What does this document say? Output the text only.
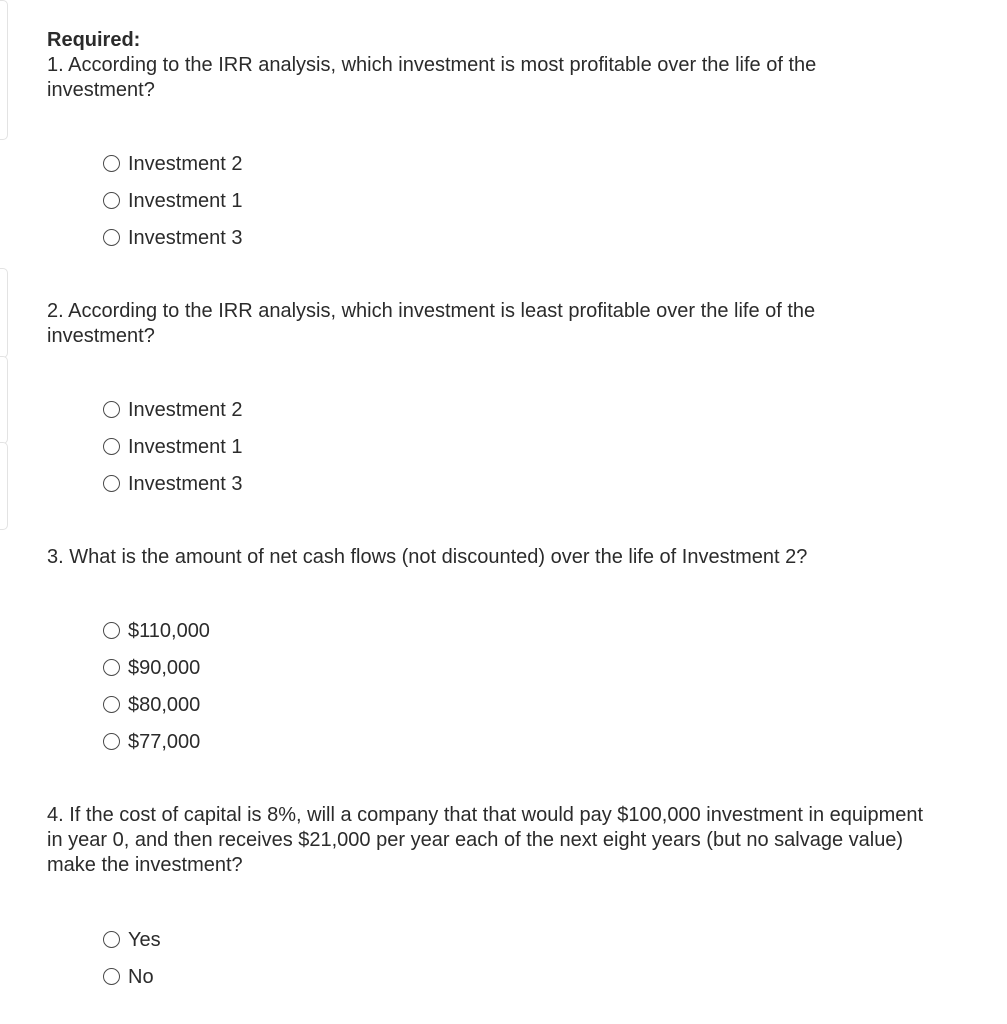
Required:
1. According to the IRR analysis, which investment is most profitable over the life of the investment?
Investment 2
Investment 1
Investment 3
2. According to the IRR analysis, which investment is least profitable over the life of the investment?
Investment 2
Investment 1
Investment 3
3. What is the amount of net cash flows (not discounted) over the life of Investment 2?
$110,000
$90,000
$80,000
$77,000
4. If the cost of capital is 8%, will a company that that would pay $100,000 investment in equipment in year 0, and then receives $21,000 per year each of the next eight years (but no salvage value) make the investment?
Yes
No
